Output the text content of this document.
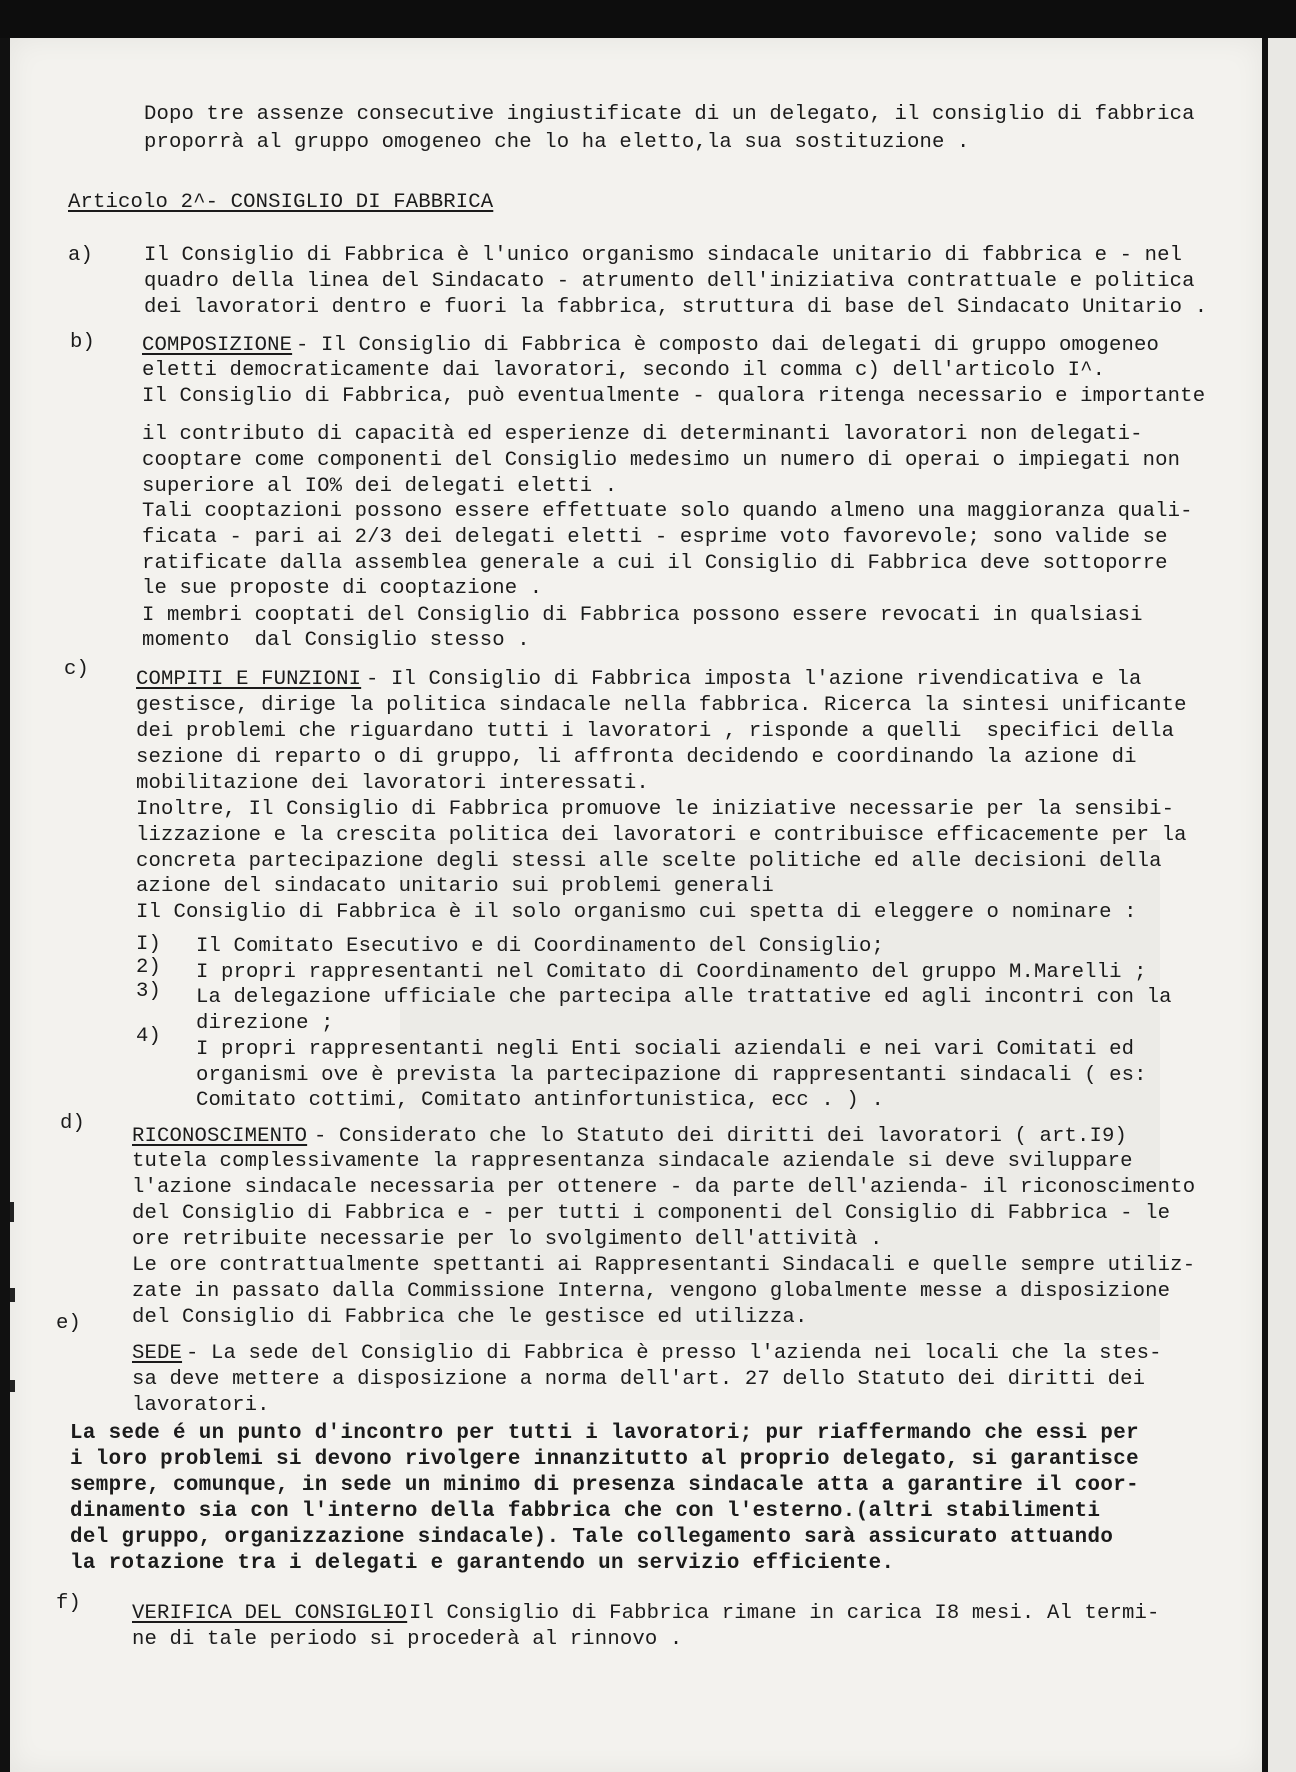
Dopo tre assenze consecutive ingiustificate di un delegato, il consiglio di fabbrica
proporrà al gruppo omogeneo che lo ha eletto,la sua sostituzione .
Articolo 2^- CONSIGLIO DI FABBRICA
Il Consiglio di Fabbrica è l'unico organismo sindacale unitario di fabbrica e - nel
quadro della linea del Sindacato - atrumento dell'iniziativa contrattuale e politica
dei lavoratori dentro e fuori la fabbrica, struttura di base del Sindacato Unitario .
- Il Consiglio di Fabbrica è composto dai delegati di gruppo omogeneo
eletti democraticamente dai lavoratori, secondo il comma c) dell'articolo I^.
Il Consiglio di Fabbrica, può eventualmente - qualora ritenga necessario e importante
il contributo di capacità ed esperienze di determinanti lavoratori non delegati-
cooptare come componenti del Consiglio medesimo un numero di operai o impiegati non
superiore al IO% dei delegati eletti .
Tali cooptazioni possono essere effettuate solo quando almeno una maggioranza quali-
ficata - pari ai 2/3 dei delegati eletti - esprime voto favorevole; sono valide se
ratificate dalla assemblea generale a cui il Consiglio di Fabbrica deve sottoporre
le sue proposte di cooptazione .
I membri cooptati del Consiglio di Fabbrica possono essere revocati in qualsiasi
momento  dal Consiglio stesso .
- Il Consiglio di Fabbrica imposta l'azione rivendicativa e la
gestisce, dirige la politica sindacale nella fabbrica. Ricerca la sintesi unificante
dei problemi che riguardano tutti i lavoratori , risponde a quelli  specifici della
sezione di reparto o di gruppo, li affronta decidendo e coordinando la azione di
mobilitazione dei lavoratori interessati.
Inoltre, Il Consiglio di Fabbrica promuove le iniziative necessarie per la sensibi-
lizzazione e la crescita politica dei lavoratori e contribuisce efficacemente per la
concreta partecipazione degli stessi alle scelte politiche ed alle decisioni della
azione del sindacato unitario sui problemi generali
Il Consiglio di Fabbrica è il solo organismo cui spetta di eleggere o nominare :
I) Il Comitato Esecutivo e di Coordinamento del Consiglio;
2) I propri rappresentanti nel Comitato di Coordinamento del gruppo M.Marelli ;
3) La delegazione ufficiale che partecipa alle trattative ed agli incontri con la
direzione ;
4)
I propri rappresentanti negli Enti sociali aziendali e nei vari Comitati ed
organismi ove è prevista la partecipazione di rappresentanti sindacali ( es:
Comitato cottimi, Comitato antinfortunistica, ecc . ) .
- Considerato che lo Statuto dei diritti dei lavoratori ( art.I9)
tutela complessivamente la rappresentanza sindacale aziendale si deve sviluppare
l'azione sindacale necessaria per ottenere - da parte dell'azienda- il riconoscimento
del Consiglio di Fabbrica e - per tutti i componenti del Consiglio di Fabbrica - le
ore retribuite necessarie per lo svolgimento dell'attività .
Le ore contrattualmente spettanti ai Rappresentanti Sindacali e quelle sempre utiliz-
zate in passato dalla Commissione Interna, vengono globalmente messe a disposizione
del Consiglio di Fabbrica che le gestisce ed utilizza.
- La sede del Consiglio di Fabbrica è presso l'azienda nei locali che la stes-
sa deve mettere a disposizione a norma dell'art. 27 dello Statuto dei diritti dei
lavoratori.
a)
b)
c)
d)
e)
f)
COMPOSIZIONE
COMPITI E FUNZIONI
RICONOSCIMENTO
SEDE
VERIFICA DEL CONSIGLIO
La sede é un punto d'incontro per tutti i lavoratori; pur riaffermando che essi per
i loro problemi si devono rivolgere innanzitutto al proprio delegato, si garantisce
sempre, comunque, in sede un minimo di presenza sindacale atta a garantire il coor-
dinamento sia con l'interno della fabbrica che con l'esterno.(altri stabilimenti
del gruppo, organizzazione sindacale). Tale collegamento sarà assicurato attuando
la rotazione tra i delegati e garantendo un servizio efficiente.
- Il Consiglio di Fabbrica rimane in carica I8 mesi. Al termi-
ne di tale periodo si procederà al rinnovo .
